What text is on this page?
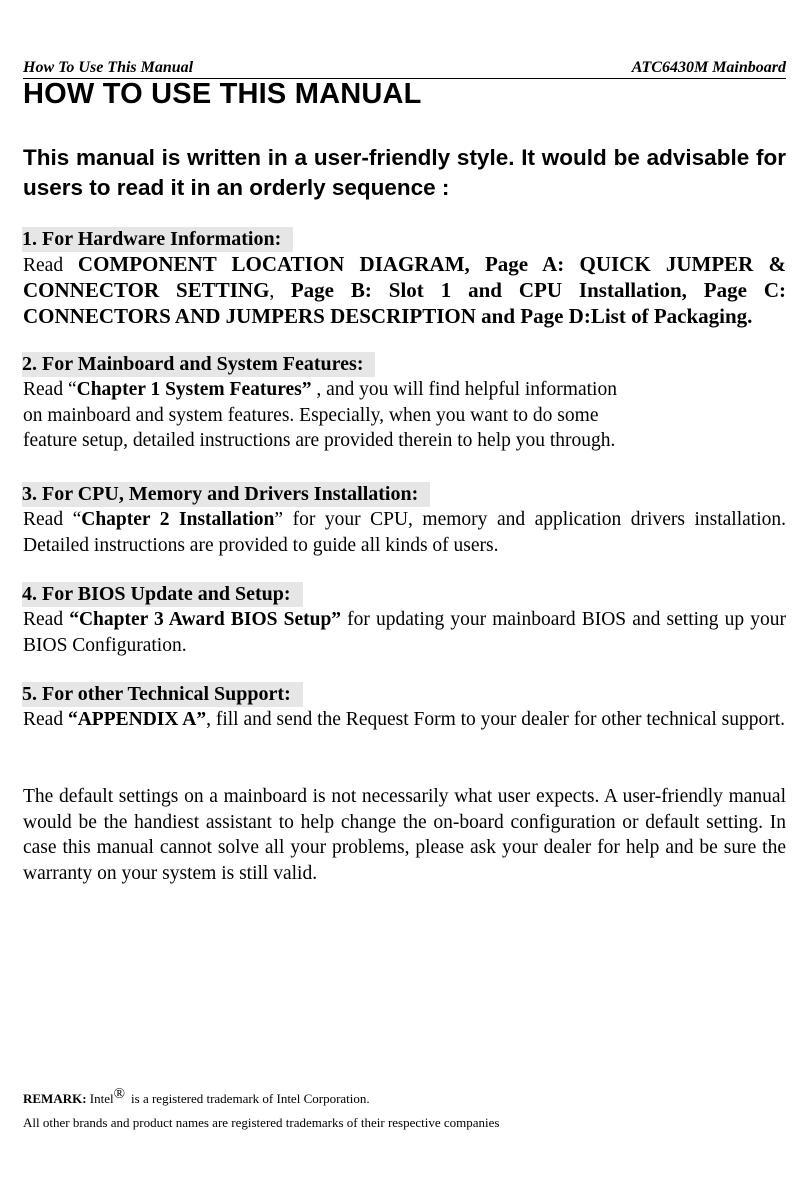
How To Use This Manual	ATC6430M Mainboard
HOW TO USE THIS MANUAL
This manual is written in a user-friendly style. It would be advisable for users to read it in an orderly sequence :
1. For Hardware Information:
Read COMPONENT LOCATION DIAGRAM, Page A: QUICK JUMPER & CONNECTOR SETTING, Page B: Slot 1 and CPU Installation, Page C: CONNECTORS AND JUMPERS DESCRIPTION and Page D:List of Packaging.
2. For Mainboard and System Features:
Read “Chapter 1 System Features” , and you will find helpful information
on mainboard and system features. Especially, when you want to do some
feature setup, detailed instructions are provided therein to help you through.
3. For CPU, Memory and Drivers Installation:
Read “Chapter 2 Installation” for your CPU, memory and application drivers installation. Detailed instructions are provided to guide all kinds of users.
4. For BIOS Update and Setup:
Read “Chapter 3 Award BIOS Setup” for updating your mainboard BIOS and setting up your BIOS Configuration.
5. For other Technical Support:
Read “APPENDIX A”, fill and send the Request Form to your dealer for other technical support.
The default settings on a mainboard is not necessarily what user expects. A user-friendly manual would be the handiest assistant to help change the on-board configuration or default setting. In case this manual cannot solve all your problems, please ask your dealer for help and be sure the warranty on your system is still valid.
REMARK: Intel® is a registered trademark of Intel Corporation.
All other brands and product names are registered trademarks of their respective companies
